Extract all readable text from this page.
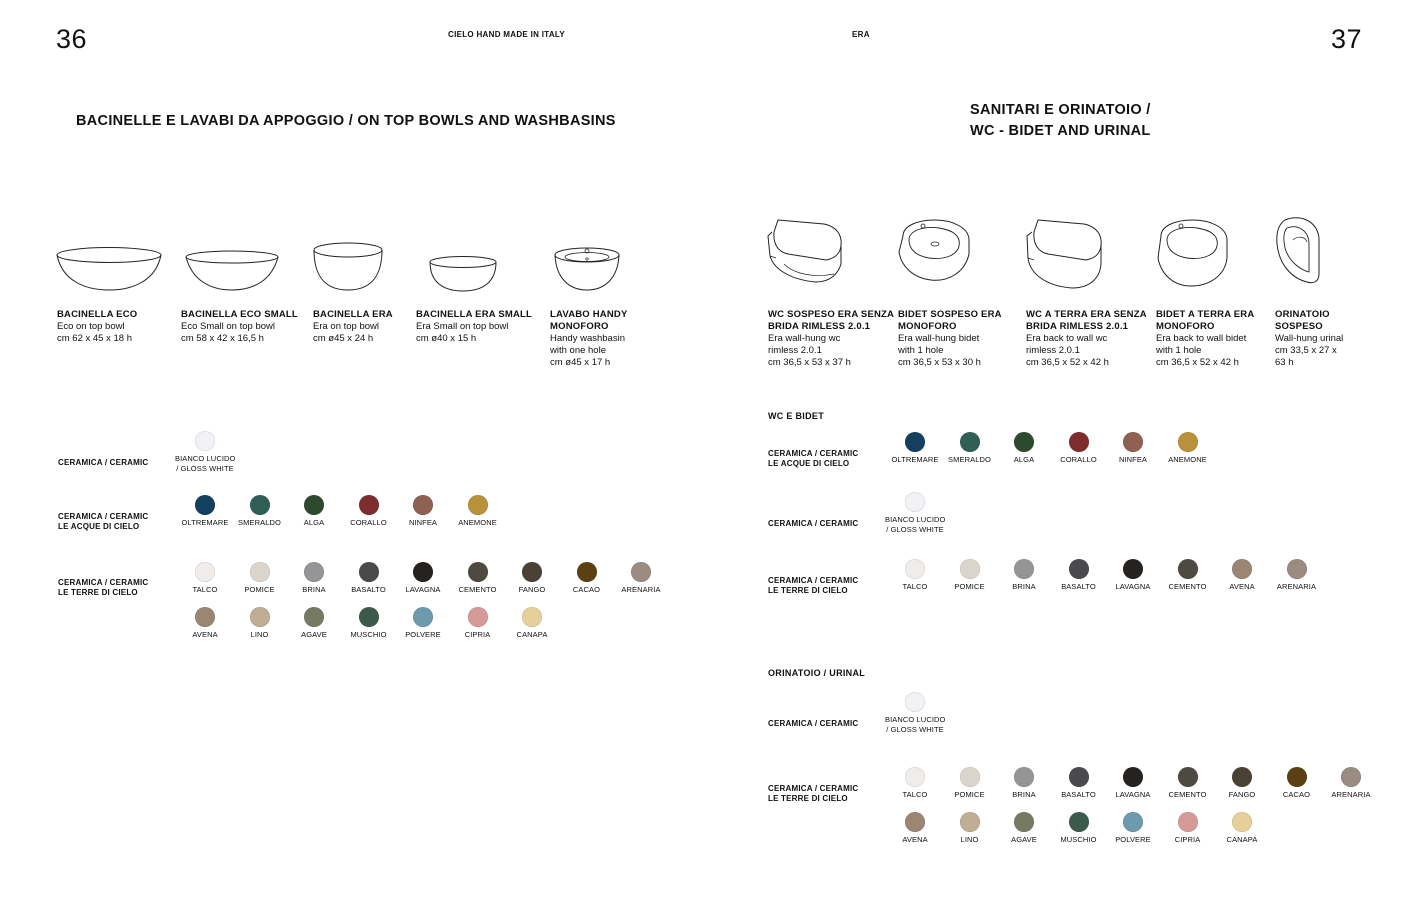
36	CIELO HAND MADE IN ITALY
BACINELLE E LAVABI DA APPOGGIO / ON TOP BOWLS AND WASHBASINS
BACINELLA ECO
Eco on top bowl
cm 62 x 45 x 18 h
BACINELLA ECO SMALL
Eco Small on top bowl
cm 58 x 42 x 16,5 h
BACINELLA ERA
Era on top bowl
cm ø45 x 24 h
BACINELLA ERA SMALL
Era Small on top bowl
cm ø40 x 15 h
LAVABO HANDY
MONOFORO
Handy washbasin
with one hole
cm ø45 x 17 h
CERAMICA / CERAMIC	BIANCO LUCIDO
/ GLOSS WHITE
CERAMICA / CERAMIC
LE ACQUE DI CIELO	OLTREMARE	SMERALDO	ALGA	CORALLO	NINFEA	ANEMONE
CERAMICA / CERAMIC
LE TERRE DI CIELO	TALCO	POMICE	BRINA	BASALTO	LAVAGNA	CEMENTO	FANGO	CACAO	ARENARIA
AVENA	LINO	AGAVE	MUSCHIO	POLVERE	CIPRIA	CANAPA
ERA	37
SANITARI E ORINATOIO /
WC - BIDET AND URINAL
WC SOSPESO ERA SENZA
BRIDA RIMLESS 2.0.1
Era wall-hung wc
rimless 2.0.1
cm 36,5 x 53 x 37 h
BIDET SOSPESO ERA
MONOFORO
Era wall-hung bidet
with 1 hole
cm 36,5 x 53 x 30 h
WC A TERRA ERA SENZA
BRIDA RIMLESS 2.0.1
Era back to wall wc
rimless 2.0.1
cm 36,5 x 52 x 42 h
BIDET A TERRA ERA
MONOFORO
Era back to wall bidet
with 1 hole
cm 36,5 x 52 x 42 h
ORINATOIO
SOSPESO
Wall-hung urinal
cm 33,5 x 27 x
63 h
WC E BIDET
ORINATOIO / URINAL
CERAMICA / CERAMIC
LE ACQUE DI CIELO	OLTREMARE	SMERALDO	ALGA	CORALLO	NINFEA	ANEMONE
CERAMICA / CERAMIC	BIANCO LUCIDO
/ GLOSS WHITE
CERAMICA / CERAMIC
LE TERRE DI CIELO	TALCO	POMICE	BRINA	BASALTO	LAVAGNA	CEMENTO	AVENA	ARENARIA
CERAMICA / CERAMIC	BIANCO LUCIDO
/ GLOSS WHITE
CERAMICA / CERAMIC
LE TERRE DI CIELO	TALCO	POMICE	BRINA	BASALTO	LAVAGNA	CEMENTO	FANGO	CACAO	ARENARIA
AVENA	LINO	AGAVE	MUSCHIO	POLVERE	CIPRIA	CANAPA
